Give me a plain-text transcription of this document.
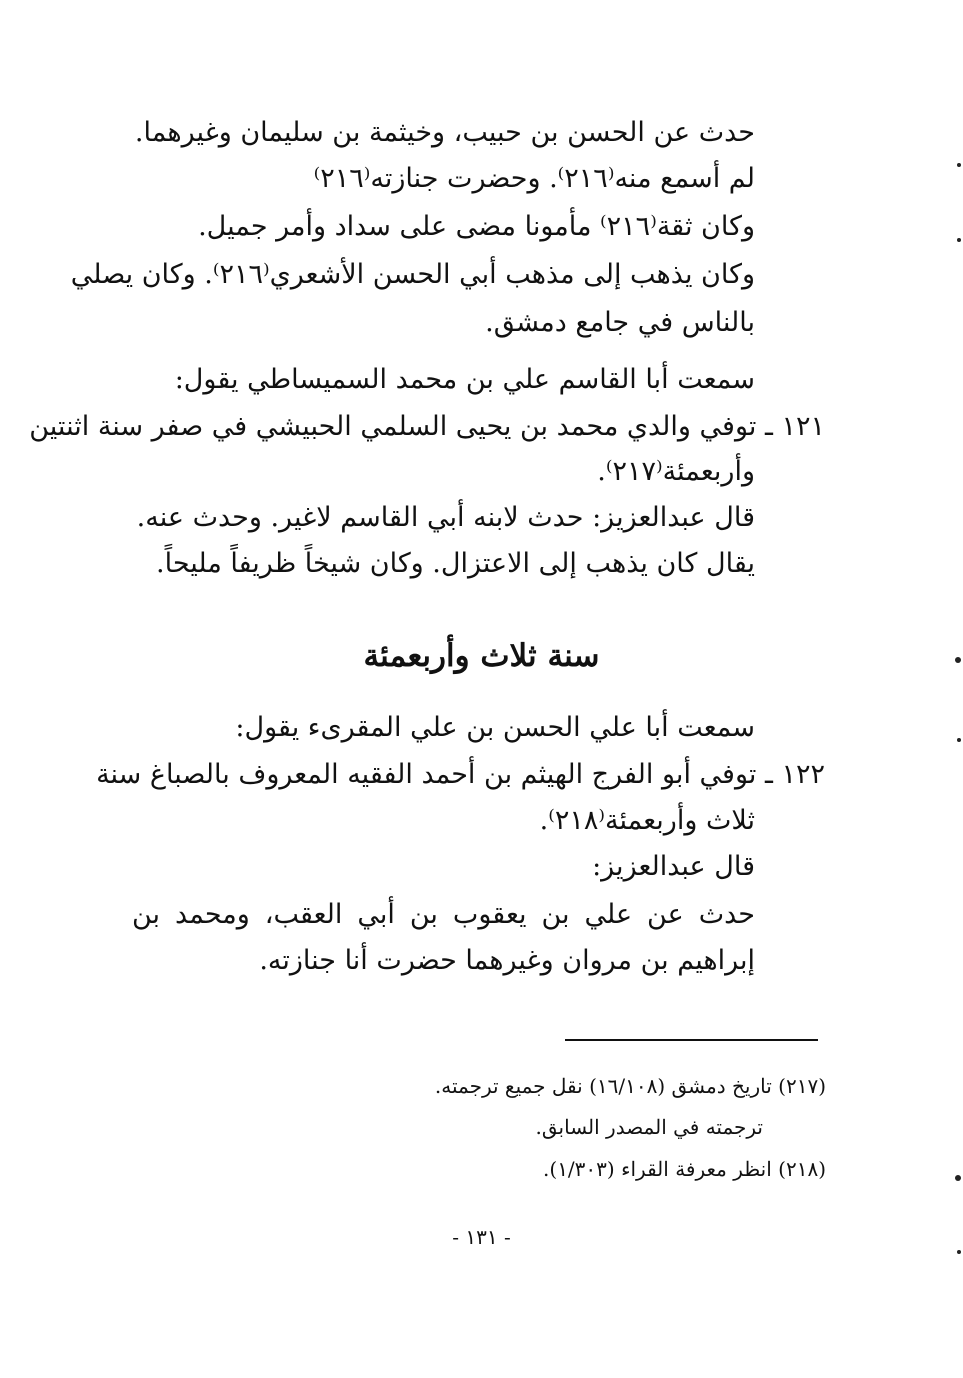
حدث عن الحسن بن حبيب، وخيثمة بن سليمان وغيرهما.
لم أسمع منه⁽٢١٦⁾. وحضرت جنازته⁽٢١٦⁾
وكان ثقة⁽٢١٦⁾ مأمونا مضى على سداد وأمر جميل.
وكان يذهب إلى مذهب أبي الحسن الأشعري⁽٢١٦⁾. وكان يصلي
بالناس في جامع دمشق.
سمعت أبا القاسم علي بن محمد السميساطي يقول:
١٢١ ـ توفي والدي محمد بن يحيى السلمي الحبيشي في صفر سنة اثنتين
وأربعمئة⁽٢١٧⁾.
قال عبدالعزيز: حدث لابنه أبي القاسم لاغير. وحدث عنه.
يقال كان يذهب إلى الاعتزال. وكان شيخاً ظريفاً مليحاً.
سنة ثلاث وأربعمئة
سمعت أبا علي الحسن بن علي المقرىء يقول:
١٢٢ ـ توفي أبو الفرج الهيثم بن أحمد الفقيه المعروف بالصباغ سنة
ثلاث وأربعمئة⁽٢١٨⁾.
قال عبدالعزيز:
حدث عن علي بن يعقوب بن أبي العقب، ومحمد بن
إبراهيم بن مروان وغيرهما حضرت أنا جنازته.
(٢١٧) تاريخ دمشق (١٦/١٠٨) نقل جميع ترجمته.
ترجمته في المصدر السابق.
(٢١٨) انظر معرفة القراء (١/٣٠٣).
- ١٣١ -
